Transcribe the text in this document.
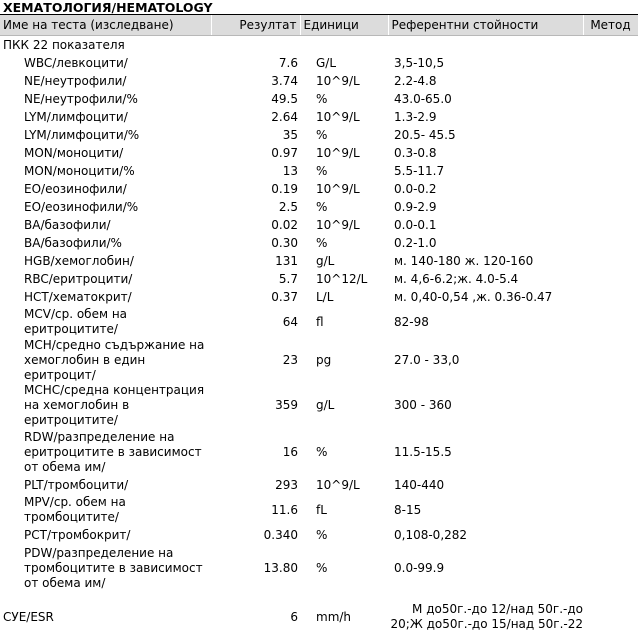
ХЕМАТОЛОГИЯ/HEMATOLOGY
Име на теста (изследване)	Резултат	Единици	Референтни стойности	Метод
ПКК 22 показателя				
WBC/левкоцити/	7.6	G/L	3,5-10,5	
NE/неутрофили/	3.74	10^9/L	2.2-4.8	
NE/неутрофили/%	49.5	%	43.0-65.0	
LYM/лимфоцити/	2.64	10^9/L	1.3-2.9	
LYM/лимфоцити/%	35	%	20.5- 45.5	
MON/моноцити/	0.97	10^9/L	0.3-0.8	
MON/моноцити/%	13	%	5.5-11.7	
EO/еозинофили/	0.19	10^9/L	0.0-0.2	
EO/еозинофили/%	2.5	%	0.9-2.9	
BA/базофили/	0.02	10^9/L	0.0-0.1	
BA/базофили/%	0.30	%	0.2-1.0	
HGB/хемоглобин/	131	g/L	м. 140-180 ж. 120-160	
RBC/еритроцити/	5.7	10^12/L	м. 4,6-6.2;ж. 4.0-5.4	
HCT/хематокрит/	0.37	L/L	м. 0,40-0,54 ,ж. 0.36-0.47	
MCV/ср. обем на еритроцитите/	64	fl	82-98	
MCH/средно съдържание на хемоглобин в един еритроцит/	23	pg	27.0 - 33,0	
MCHC/средна концентрация на хемоглобин в еритроцитите/	359	g/L	300 - 360	
RDW/разпределение на еритроцитите в зависимост от обема им/	16	%	11.5-15.5	
PLT/тромбоцити/	293	10^9/L	140-440	
MPV/ср. обем на тромбоцитите/	11.6	fL	8-15	
PCT/тромбокрит/	0.340	%	0,108-0,282	
PDW/разпределение на тромбоцитите в зависимост от обема им/	13.80	%	0.0-99.9	
СУЕ/ESR	6	mm/h	М до50г.-до 12/над 50г.-до 20;Ж до50г.-до 15/над 50г.-22	
